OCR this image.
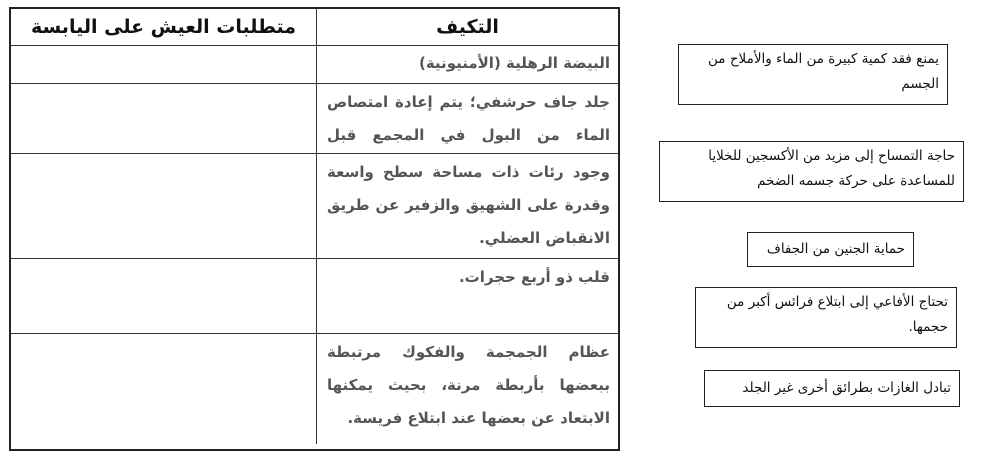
متطلبات العيش على اليابسة	التكيف
البيضة الرهلية (الأمنيونية)
جلد جاف حرشفي؛ يتم إعادة امتصاص الماء من البول في المجمع قبل
وجود رئات ذات مساحة سطح واسعة وقدرة على الشهيق والزفير عن طريق الانقباض العضلي.
قلب ذو أربع حجرات.
عظام الجمجمة والفكوك مرتبطة ببعضها بأربطة مرنة، بحيث يمكنها الابتعاد عن بعضها عند ابتلاع فريسة.
يمنع فقد كمية كبيرة من الماء والأملاح من الجسم
حاجة التمساح إلى مزيد من الأكسجين للخلايا للمساعدة على حركة جسمه الضخم
حماية الجنين من الجفاف
تحتاج الأفاعي إلى ابتلاع فرائس أكبر من حجمها.
تبادل الغازات بطرائق أخرى غير الجلد
